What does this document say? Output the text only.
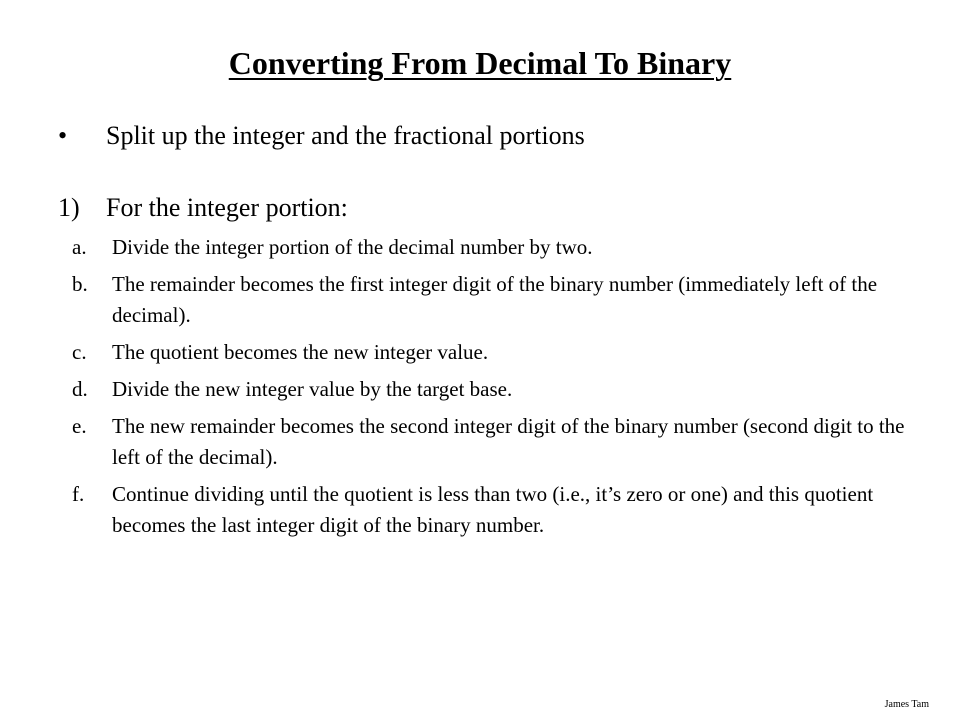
Converting From Decimal To Binary
• Split up the integer and the fractional portions
1) For the integer portion:
a. Divide the integer portion of the decimal number by two.
b. The remainder becomes the first integer digit of the binary number (immediately left of the decimal).
c. The quotient becomes the new integer value.
d. Divide the new integer value by the target base.
e. The new remainder becomes the second integer digit of the binary number (second digit to the left of the decimal).
f. Continue dividing until the quotient is less than two (i.e., it’s zero or one) and this quotient becomes the last integer digit of the binary number.
James Tam
